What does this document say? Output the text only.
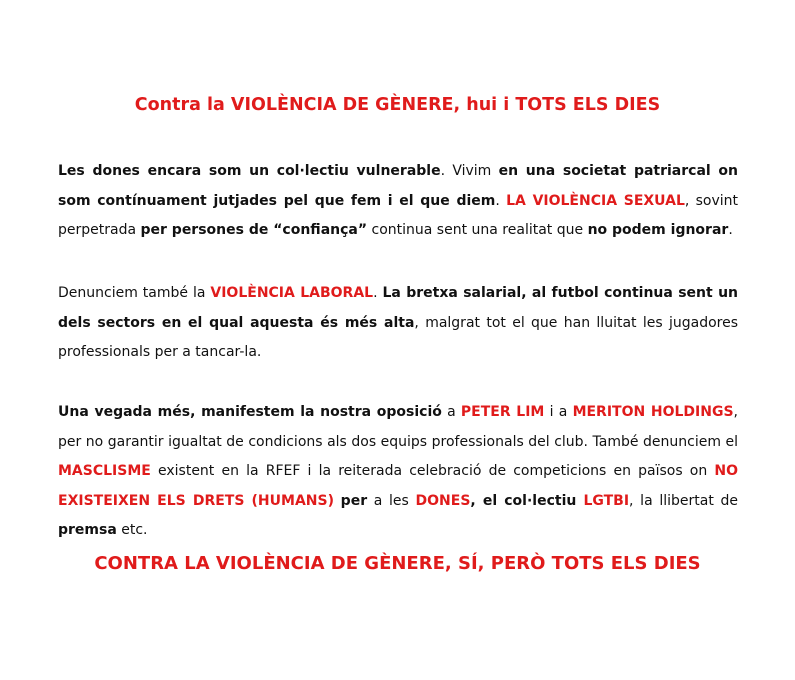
Contra la VIOLÈNCIA DE GÈNERE, hui i TOTS ELS DIES

Les dones encara som un col·lectiu vulnerable. Vivim en una societat patriarcal on som contínuament jutjades pel que fem i el que diem. LA VIOLÈNCIA SEXUAL, sovint perpetrada per persones de “confiança” continua sent una realitat que no podem ignorar.

Denunciem també la VIOLÈNCIA LABORAL. La bretxa salarial, al futbol continua sent un dels sectors en el qual aquesta és més alta, malgrat tot el que han lluitat les jugadores professionals per a tancar-la.

Una vegada més, manifestem la nostra oposició a PETER LIM i a MERITON HOLDINGS, per no garantir igualtat de condicions als dos equips professionals del club. També denunciem el MASCLISME existent en la RFEF i la reiterada celebració de competicions en països on NO EXISTEIXEN ELS DRETS (HUMANS) per a les DONES, el col·lectiu LGTBI, la llibertat de premsa etc.

CONTRA LA VIOLÈNCIA DE GÈNERE, SÍ, PERÒ TOTS ELS DIES
